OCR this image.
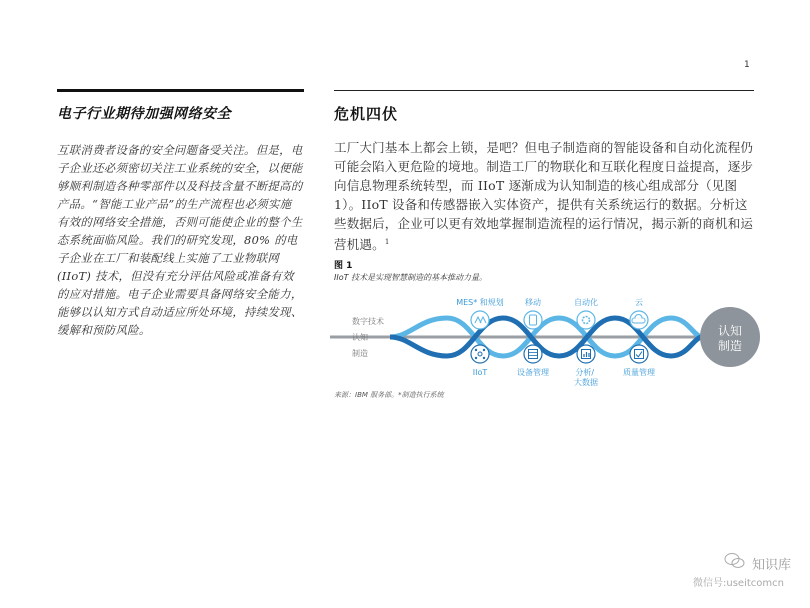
1
电子行业期待加强网络安全

互联消费者设备的安全问题备受关注。但是，电子企业还必须密切关注工业系统的安全，以便能够顺利制造各种零部件以及科技含量不断提高的产品。“智能工业产品”的生产流程也必须实施有效的网络安全措施，否则可能使企业的整个生态系统面临风险。我们的研究发现，80% 的电子企业在工厂和装配线上实施了工业物联网 (IIoT) 技术，但没有充分评估风险或准备有效的应对措施。电子企业需要具备网络安全能力，能够以认知方式自动适应所处环境，持续发现、缓解和预防风险。

危机四伏
工厂大门基本上都会上锁，是吧？但电子制造商的智能设备和自动化流程仍可能会陷入更危险的境地。制造工厂的物联化和互联化程度日益提高，逐步向信息物理系统转型，而 IIoT 逐渐成为认知制造的核心组成部分（见图 1）。IIoT 设备和传感器嵌入实体资产，提供有关系统运行的数据。分析这些数据后，企业可以更有效地掌握制造流程的运行情况，揭示新的商机和运营机遇。$^1$
图 1
IIoT 技术是实现智慧制造的基本推动力量。
数字技术
认知
制造
MES* 和规划	移动	自动化	云
IIoT	设备管理	分析/ 大数据
质量管理
认知
制造
来源：IBM 服务部。*制造执行系统
知识库
微信号:useitcomcn
